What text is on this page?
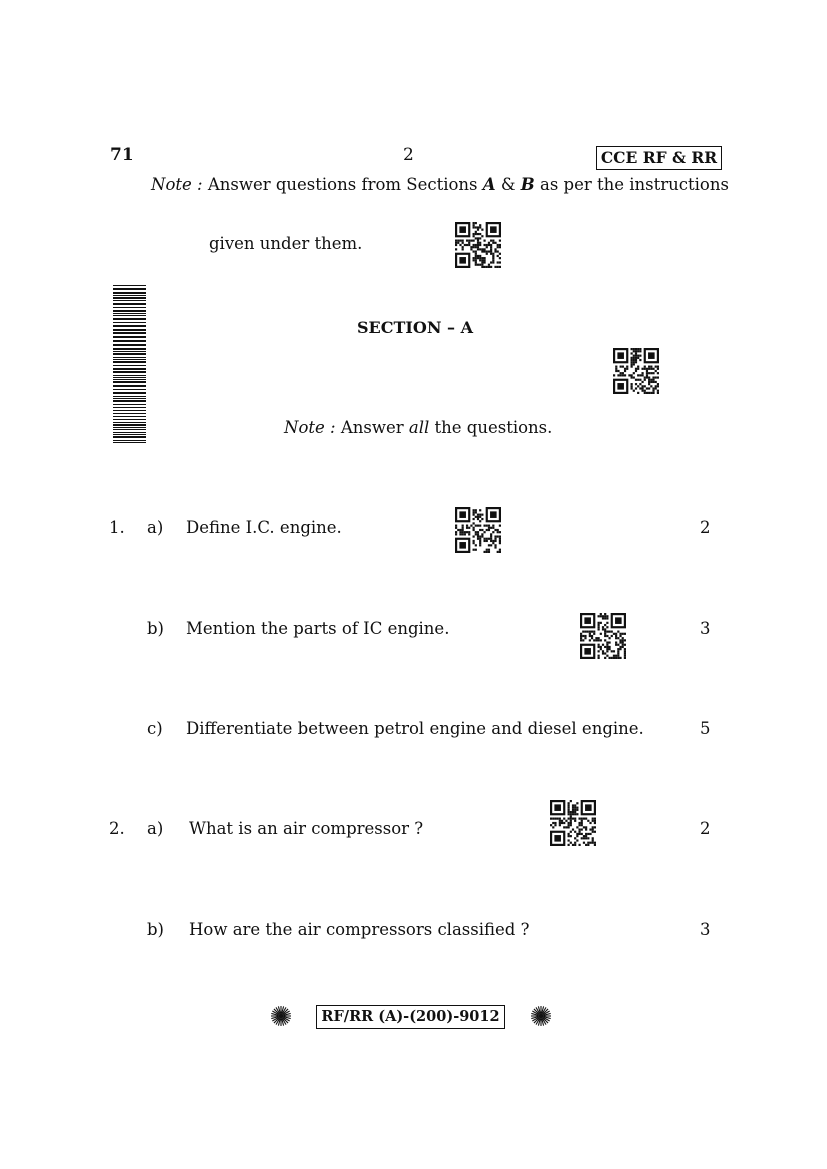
71	2	CCE RF & RR
Note : Answer questions from Sections A & B as per the instructions
given under them.
SECTION – A
Note : Answer all the questions.
1. a) Define I.C. engine.	2
b) Mention the parts of IC engine.	3
c) Differentiate between petrol engine and diesel engine.	5
2. a) What is an air compressor ?	2
b) How are the air compressors classified ?	3
RF/RR (A)-(200)-9012
